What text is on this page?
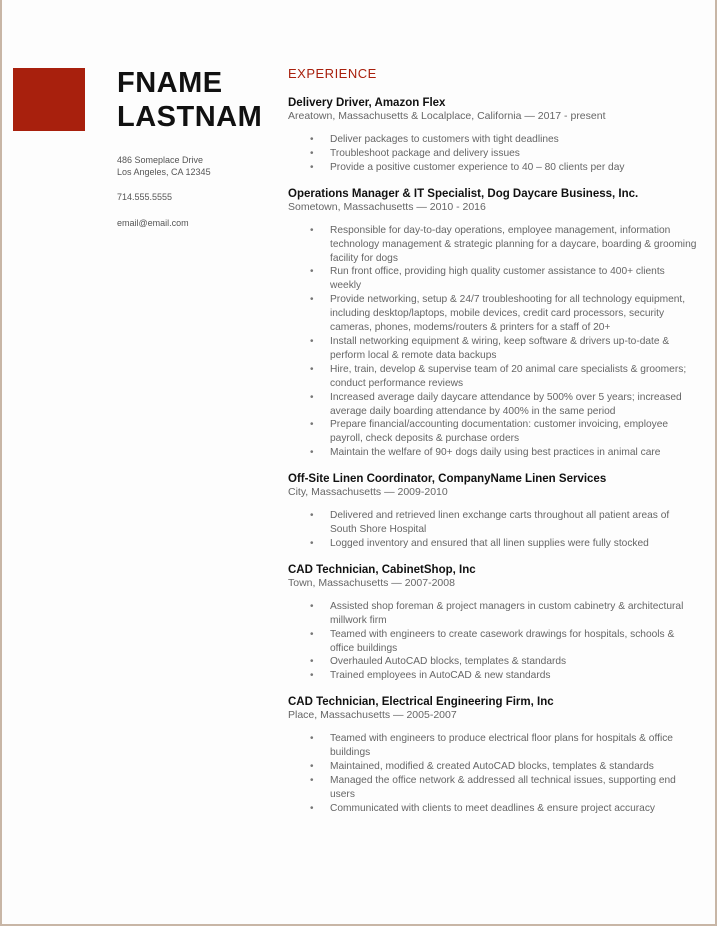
FNAME
LASTNAM
486 Someplace Drive
Los Angeles, CA 12345
714.555.5555
email@email.com
EXPERIENCE
Delivery Driver, Amazon Flex
Areatown, Massachusetts & Localplace, California — 2017 - present
• Deliver packages to customers with tight deadlines
• Troubleshoot package and delivery issues
• Provide a positive customer experience to 40 – 80 clients per day
Operations Manager & IT Specialist, Dog Daycare Business, Inc.
Sometown, Massachusetts — 2010 - 2016
• Responsible for day-to-day operations, employee management, information technology management & strategic planning for a daycare, boarding & grooming facility for dogs
• Run front office, providing high quality customer assistance to 400+ clients weekly
• Provide networking, setup & 24/7 troubleshooting for all technology equipment, including desktop/laptops, mobile devices, credit card processors, security cameras, phones, modems/routers & printers for a staff of 20+
• Install networking equipment & wiring, keep software & drivers up-to-date & perform local & remote data backups
• Hire, train, develop & supervise team of 20 animal care specialists & groomers; conduct performance reviews
• Increased average daily daycare attendance by 500% over 5 years; increased average daily boarding attendance by 400% in the same period
• Prepare financial/accounting documentation: customer invoicing, employee payroll, check deposits & purchase orders
• Maintain the welfare of 90+ dogs daily using best practices in animal care
Off-Site Linen Coordinator, CompanyName Linen Services
City, Massachusetts — 2009-2010
• Delivered and retrieved linen exchange carts throughout all patient areas of South Shore Hospital
• Logged inventory and ensured that all linen supplies were fully stocked
CAD Technician, CabinetShop, Inc
Town, Massachusetts — 2007-2008
• Assisted shop foreman & project managers in custom cabinetry & architectural millwork firm
• Teamed with engineers to create casework drawings for hospitals, schools & office buildings
• Overhauled AutoCAD blocks, templates & standards
• Trained employees in AutoCAD & new standards
CAD Technician, Electrical Engineering Firm, Inc
Place, Massachusetts — 2005-2007
• Teamed with engineers to produce electrical floor plans for hospitals & office buildings
• Maintained, modified & created AutoCAD blocks, templates & standards
• Managed the office network & addressed all technical issues, supporting end users
• Communicated with clients to meet deadlines & ensure project accuracy
